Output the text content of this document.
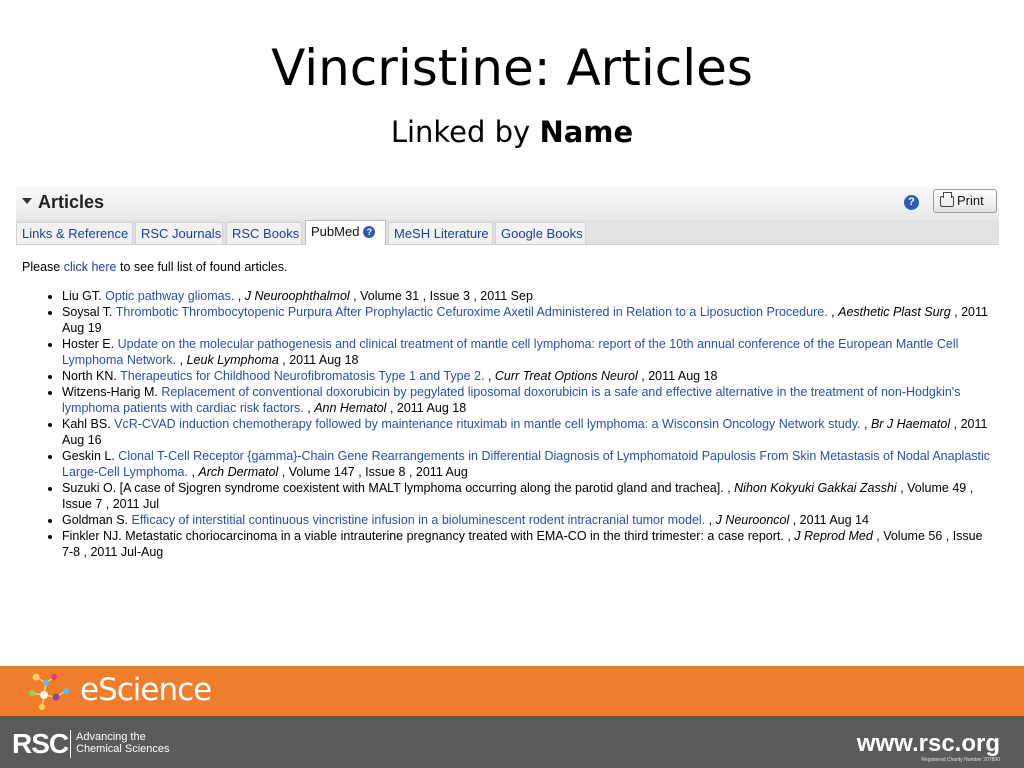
Vincristine: Articles
Linked by Name
Articles	?	Print
Links & Reference RSC Journals RSC Books PubMed ?	MeSH Literature Google Books
Please click here to see full list of found articles.
• Liu GT. Optic pathway gliomas. , J Neuroophthalmol , Volume 31 , Issue 3 , 2011 Sep
• Soysal T. Thrombotic Thrombocytopenic Purpura After Prophylactic Cefuroxime Axetil Administered in Relation to a Liposuction Procedure. , Aesthetic Plast Surg , 2011 Aug 19
• Hoster E. Update on the molecular pathogenesis and clinical treatment of mantle cell lymphoma: report of the 10th annual conference of the European Mantle Cell Lymphoma Network. , Leuk Lymphoma , 2011 Aug 18
• North KN. Therapeutics for Childhood Neurofibromatosis Type 1 and Type 2. , Curr Treat Options Neurol , 2011 Aug 18
• Witzens-Harig M. Replacement of conventional doxorubicin by pegylated liposomal doxorubicin is a safe and effective alternative in the treatment of non-Hodgkin's lymphoma patients with cardiac risk factors. , Ann Hematol , 2011 Aug 18
• Kahl BS. VcR-CVAD induction chemotherapy followed by maintenance rituximab in mantle cell lymphoma: a Wisconsin Oncology Network study. , Br J Haematol , 2011 Aug 16
• Geskin L. Clonal T-Cell Receptor {gamma}-Chain Gene Rearrangements in Differential Diagnosis of Lymphomatoid Papulosis From Skin Metastasis of Nodal Anaplastic Large-Cell Lymphoma. , Arch Dermatol , Volume 147 , Issue 8 , 2011 Aug
• Suzuki O. [A case of Sjogren syndrome coexistent with MALT lymphoma occurring along the parotid gland and trachea]. , Nihon Kokyuki Gakkai Zasshi , Volume 49 , Issue 7 , 2011 Jul
• Goldman S. Efficacy of interstitial continuous vincristine infusion in a bioluminescent rodent intracranial tumor model. , J Neurooncol , 2011 Aug 14
• Finkler NJ. Metastatic choriocarcinoma in a viable intrauterine pregnancy treated with EMA-CO in the third trimester: a case report. , J Reprod Med , Volume 56 , Issue 7-8 , 2011 Jul-Aug
eScience
RSC Advancing the
Chemical Sciences	www.rsc.org
Registered Charity Number 207890
